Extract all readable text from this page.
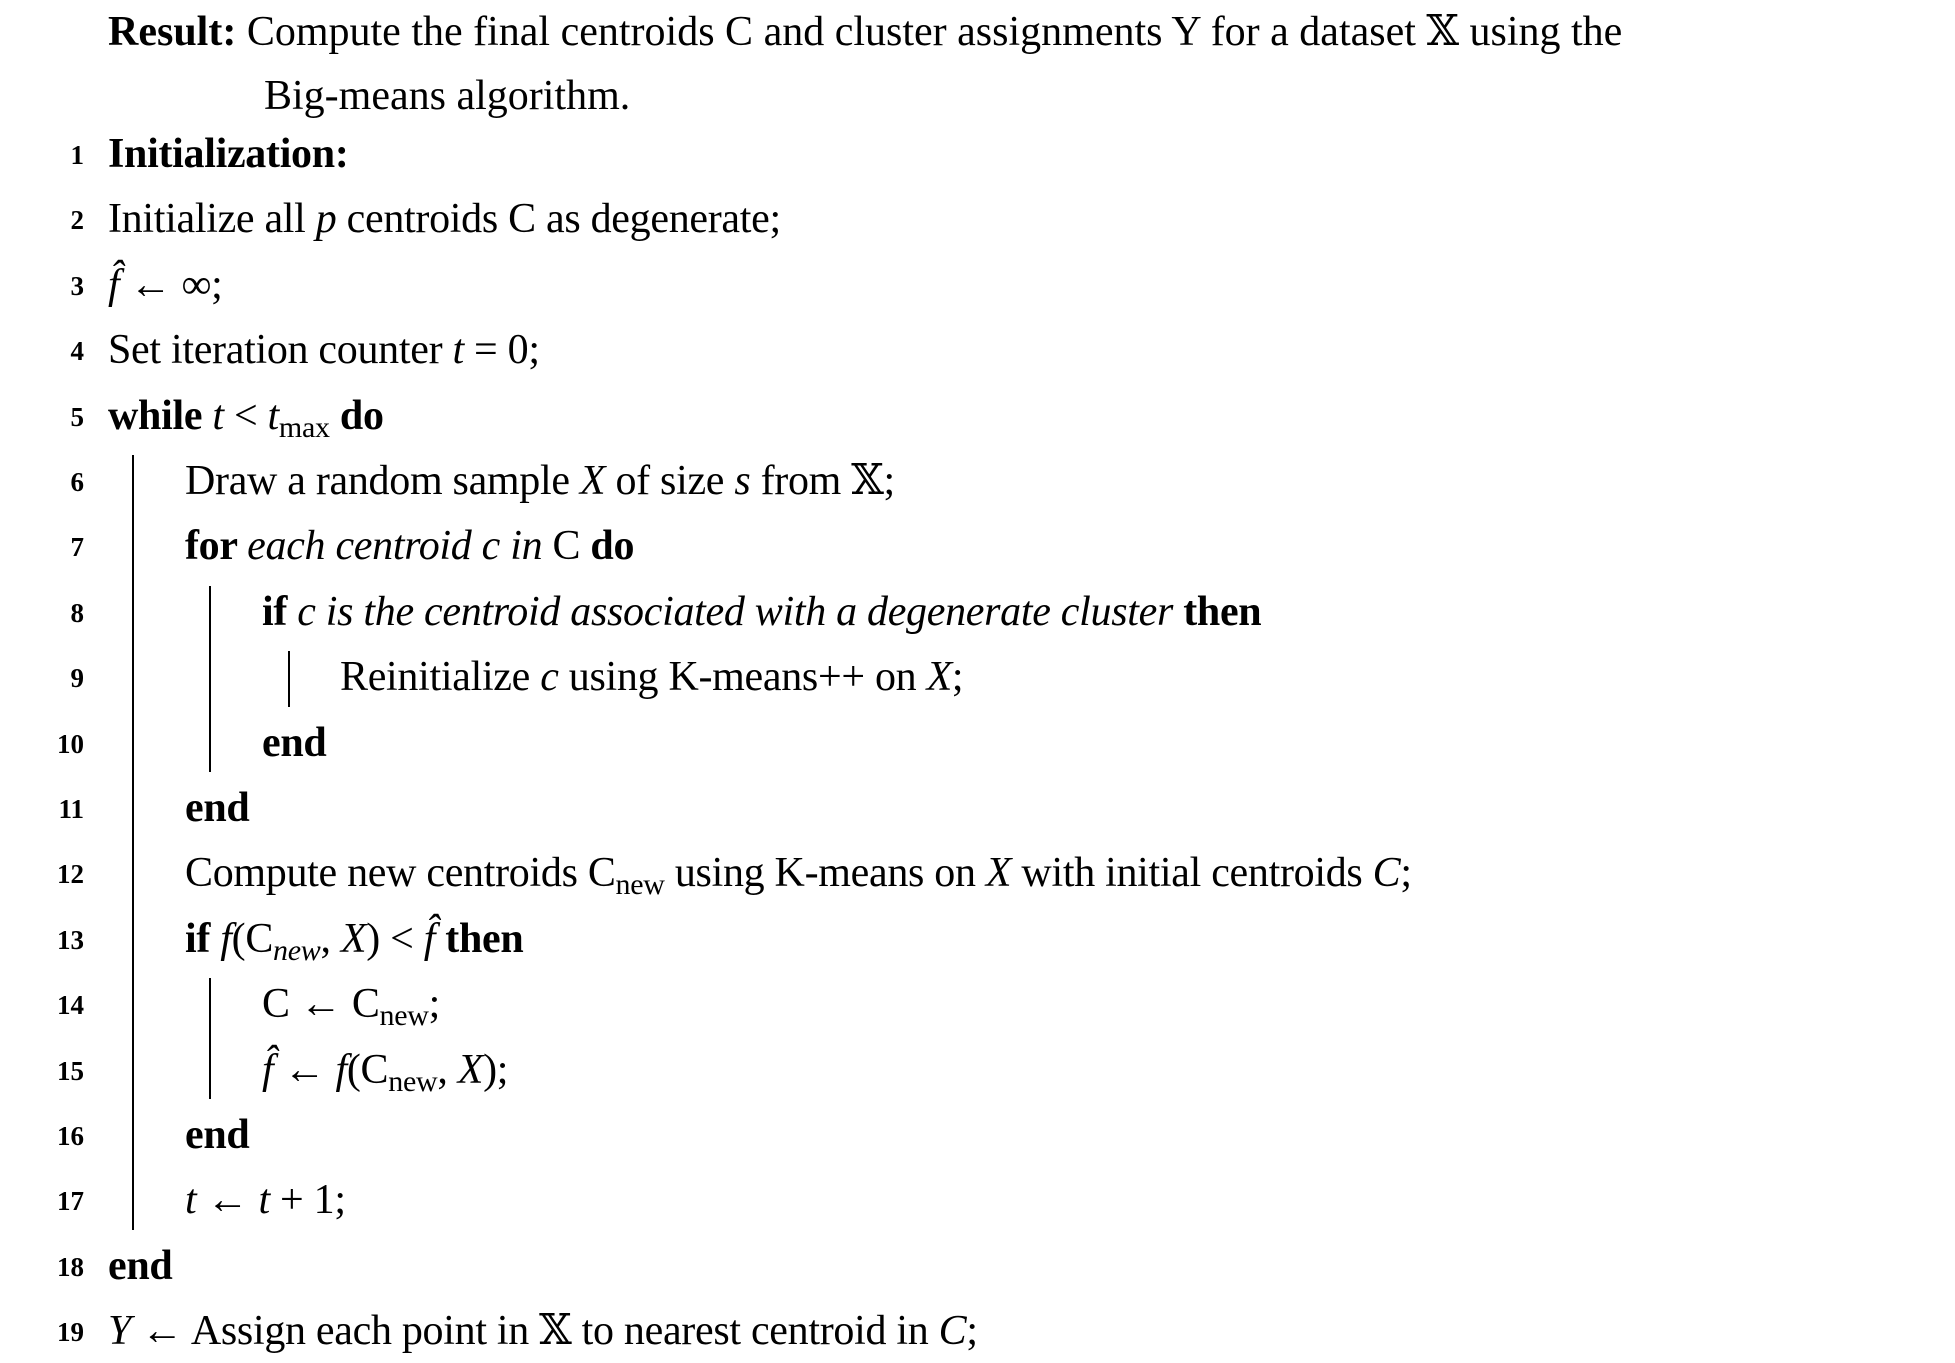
Result: Compute the final centroids C and cluster assignments Y for a dataset 𝕏 using the
Big-means algorithm.
1 Initialization:
2 Initialize all p centroids C as degenerate;
3 f̂ ← ∞;
4 Set iteration counter t = 0;
5 while $t < t_{max}$ do
6 Draw a random sample X of size s from 𝕏;
7 for each centroid c in C do
8	if c is the centroid associated with a degenerate cluster then
9	Reinitialize c using K-means++ on X;
10	end
11 end
12 Compute new centroids $C_{new}$ using K-means on X with initial centroids C;
13 if $f(C_{new}$, X) < f̂ then
14	C ← $C_{new}$;
15	f̂ ← $f(C_{new}$, X);
16 end
17 t ← t + 1;
18 end
19 Y ← Assign each point in 𝕏 to nearest centroid in C;
